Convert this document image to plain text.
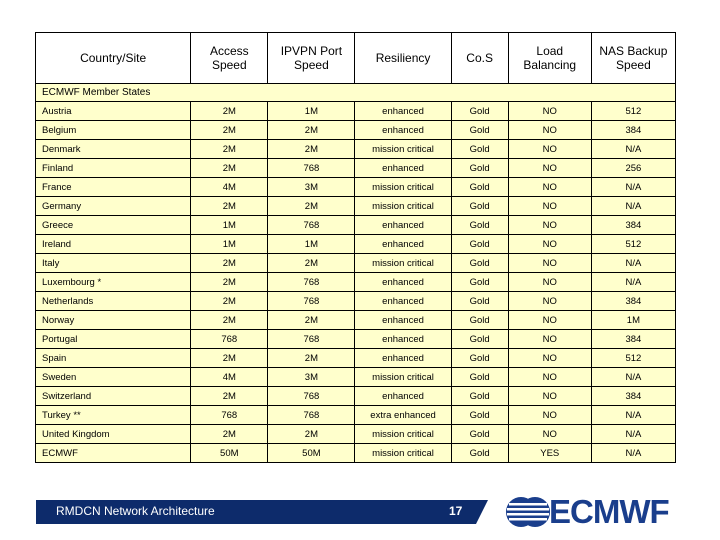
Country/Site	Access Speed	IPVPN Port Speed	Resiliency	Co.S	Load Balancing	NAS Backup Speed
ECMWF Member States						
Austria	2M	1M	enhanced	Gold	NO	512
Belgium	2M	2M	enhanced	Gold	NO	384
Denmark	2M	2M	mission critical	Gold	NO	N/A
Finland	2M	768	enhanced	Gold	NO	256
France	4M	3M	mission critical	Gold	NO	N/A
Germany	2M	2M	mission critical	Gold	NO	N/A
Greece	1M	768	enhanced	Gold	NO	384
Ireland	1M	1M	enhanced	Gold	NO	512
Italy	2M	2M	mission critical	Gold	NO	N/A
Luxembourg *	2M	768	enhanced	Gold	NO	N/A
Netherlands	2M	768	enhanced	Gold	NO	384
Norway	2M	2M	enhanced	Gold	NO	1M
Portugal	768	768	enhanced	Gold	NO	384
Spain	2M	2M	enhanced	Gold	NO	512
Sweden	4M	3M	mission critical	Gold	NO	N/A
Switzerland	2M	768	enhanced	Gold	NO	384
Turkey **	768	768	extra enhanced	Gold	NO	N/A
United Kingdom	2M	2M	mission critical	Gold	NO	N/A
ECMWF	50M	50M	mission critical	Gold	YES	N/A
RMDCN Network Architecture	17	ECMWF
